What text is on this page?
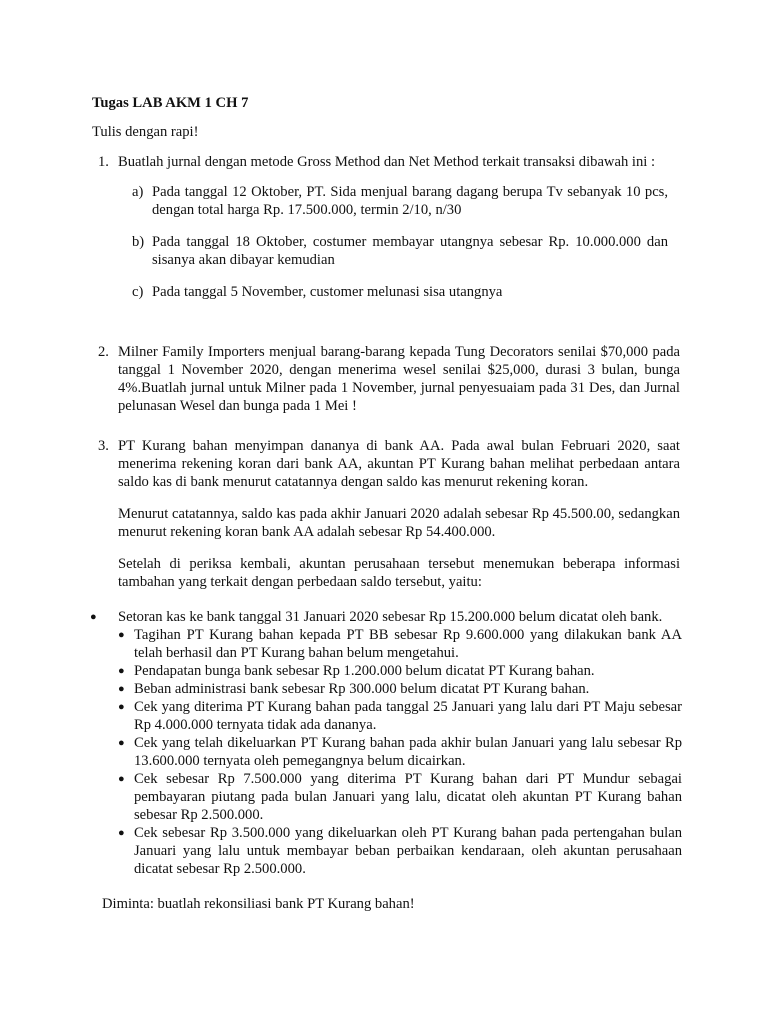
Tugas LAB AKM 1 CH 7
Tulis dengan rapi!
1. Buatlah jurnal dengan metode Gross Method dan Net Method terkait transaksi dibawah ini :
a) Pada tanggal 12 Oktober, PT. Sida menjual barang dagang berupa Tv sebanyak 10 pcs, dengan total harga Rp. 17.500.000, termin 2/10, n/30
b) Pada tanggal 18 Oktober, costumer membayar utangnya sebesar Rp. 10.000.000 dan sisanya akan dibayar kemudian
c) Pada tanggal 5 November, customer melunasi sisa utangnya
2. Milner Family Importers menjual barang-barang kepada Tung Decorators senilai $70,000 pada tanggal 1 November 2020, dengan menerima wesel senilai $25,000, durasi 3 bulan, bunga 4%.Buatlah jurnal untuk Milner pada 1 November, jurnal penyesuaiam pada 31 Des, dan Jurnal pelunasan Wesel dan bunga pada 1 Mei !
3. PT Kurang bahan menyimpan dananya di bank AA. Pada awal bulan Februari 2020, saat menerima rekening koran dari bank AA, akuntan PT Kurang bahan melihat perbedaan antara saldo kas di bank menurut catatannya dengan saldo kas menurut rekening koran.
Menurut catatannya, saldo kas pada akhir Januari 2020 adalah sebesar Rp 45.500.00, sedangkan menurut rekening koran bank AA adalah sebesar Rp 54.400.000.
Setelah di periksa kembali, akuntan perusahaan tersebut menemukan beberapa informasi tambahan yang terkait dengan perbedaan saldo tersebut, yaitu:
● Setoran kas ke bank tanggal 31 Januari 2020 sebesar Rp 15.200.000 belum dicatat oleh bank.
● Tagihan PT Kurang bahan kepada PT BB sebesar Rp 9.600.000 yang dilakukan bank AA telah berhasil dan PT Kurang bahan belum mengetahui.
● Pendapatan bunga bank sebesar Rp 1.200.000 belum dicatat PT Kurang bahan.
● Beban administrasi bank sebesar Rp 300.000 belum dicatat PT Kurang bahan.
● Cek yang diterima PT Kurang bahan pada tanggal 25 Januari yang lalu dari PT Maju sebesar Rp 4.000.000 ternyata tidak ada dananya.
● Cek yang telah dikeluarkan PT Kurang bahan pada akhir bulan Januari yang lalu sebesar Rp 13.600.000 ternyata oleh pemegangnya belum dicairkan.
● Cek sebesar Rp 7.500.000 yang diterima PT Kurang bahan dari PT Mundur sebagai pembayaran piutang pada bulan Januari yang lalu, dicatat oleh akuntan PT Kurang bahan sebesar Rp 2.500.000.
● Cek sebesar Rp 3.500.000 yang dikeluarkan oleh PT Kurang bahan pada pertengahan bulan Januari yang lalu untuk membayar beban perbaikan kendaraan, oleh akuntan perusahaan dicatat sebesar Rp 2.500.000.
Diminta: buatlah rekonsiliasi bank PT Kurang bahan!
